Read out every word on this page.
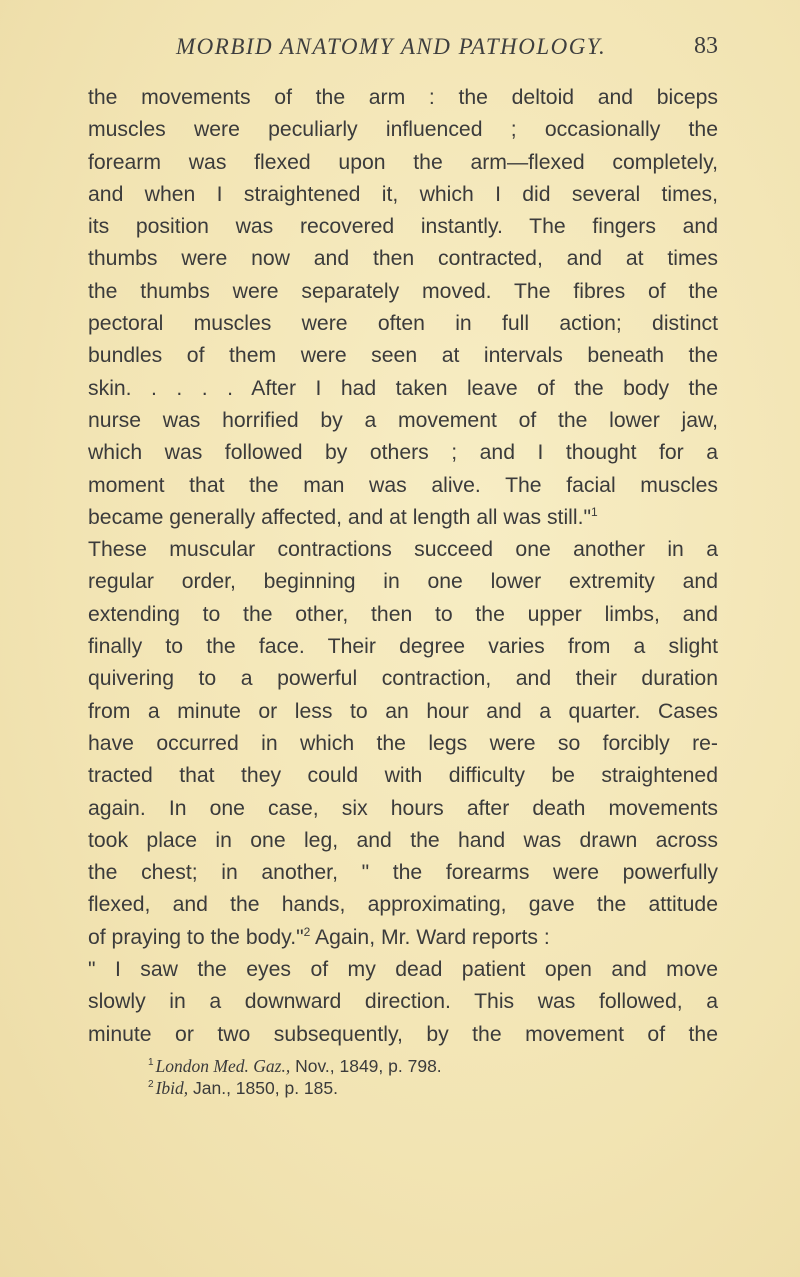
MORBID ANATOMY AND PATHOLOGY.	83
the movements of the arm : the deltoid and biceps
muscles were peculiarly influenced ; occasionally the
forearm was flexed upon the arm—flexed completely,
and when I straightened it, which I did several times,
its position was recovered instantly. The fingers and
thumbs were now and then contracted, and at times
the thumbs were separately moved. The fibres of the
pectoral muscles were often in full action; distinct
bundles of them were seen at intervals beneath the
skin. . . . . After I had taken leave of the body the
nurse was horrified by a movement of the lower jaw,
which was followed by others ; and I thought for a
moment that the man was alive. The facial muscles
became generally affected, and at length all was still."$^1$
These muscular contractions succeed one another in a
regular order, beginning in one lower extremity and
extending to the other, then to the upper limbs, and
finally to the face. Their degree varies from a slight
quivering to a powerful contraction, and their duration
from a minute or less to an hour and a quarter. Cases
have occurred in which the legs were so forcibly re-
tracted that they could with difficulty be straightened
again. In one case, six hours after death movements
took place in one leg, and the hand was drawn across
the chest; in another, " the forearms were powerfully
flexed, and the hands, approximating, gave the attitude
of praying to the body."$^2$ Again, Mr. Ward reports :
" I saw the eyes of my dead patient open and move
slowly in a downward direction. This was followed, a
minute or two subsequently, by the movement of the
$^1$ London Med. Gaz., Nov., 1849, p. 798.
$^2$ Ibid, Jan., 1850, p. 185.
